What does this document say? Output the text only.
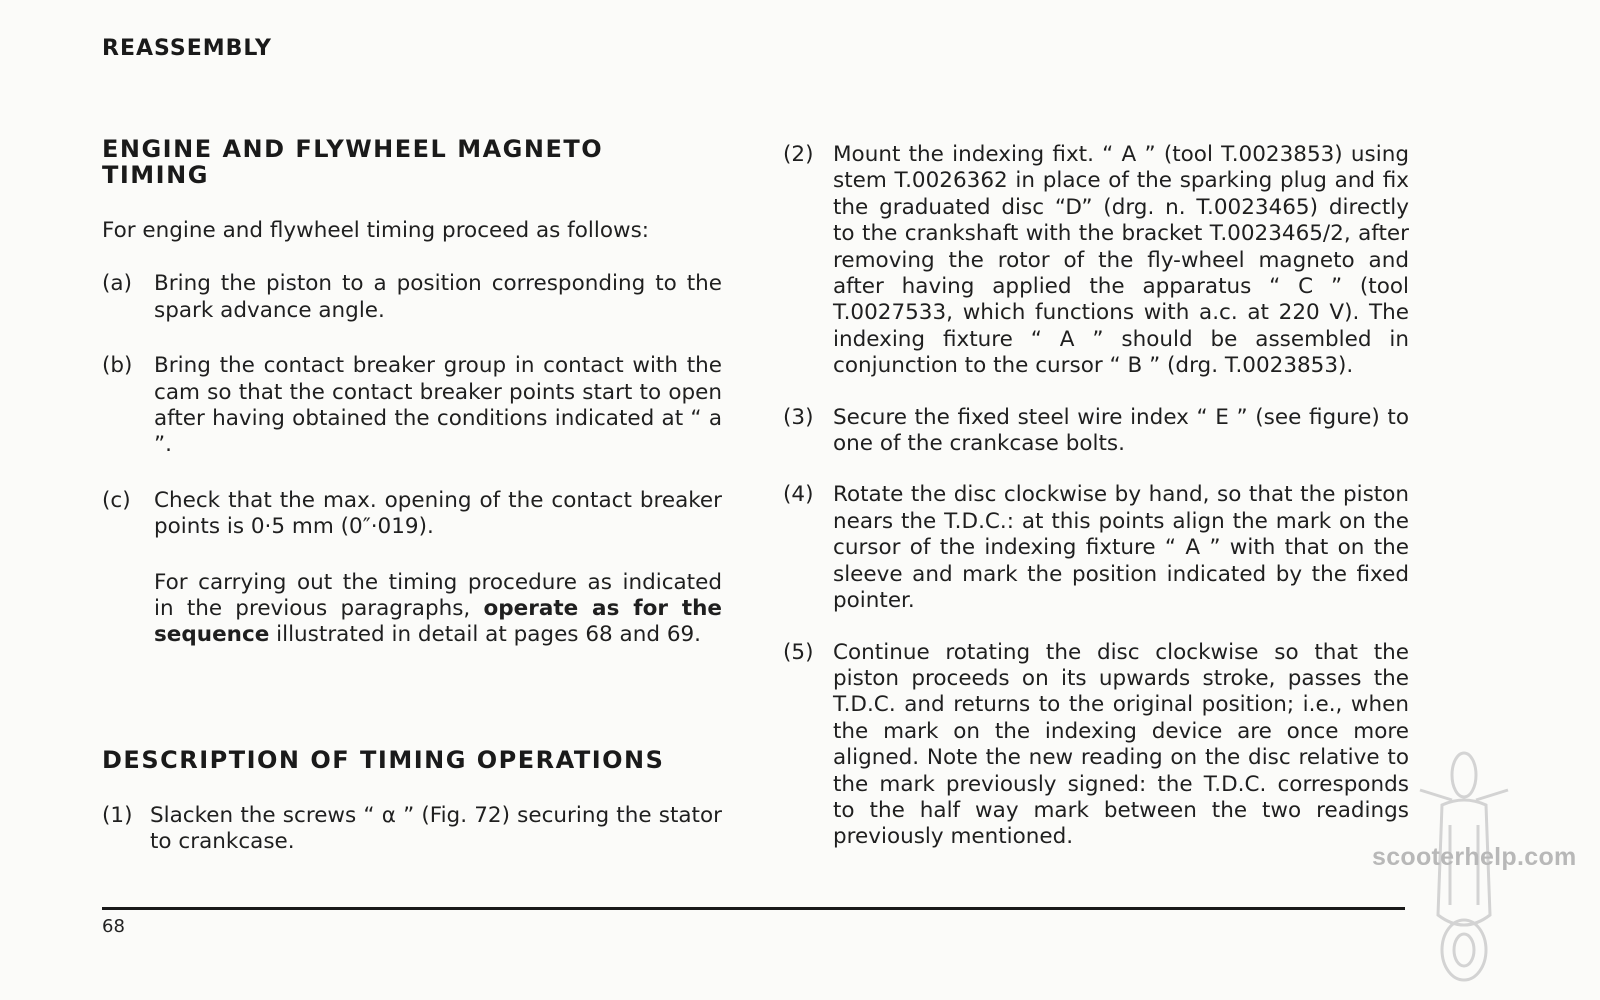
REASSEMBLY
ENGINE AND FLYWHEEL MAGNETO
TIMING

For engine and flywheel timing proceed as follows:

(a)	Bring the piston to a position corresponding to the spark advance angle.
(b)	Bring the contact breaker group in contact with the cam so that the contact breaker points start to open after having obtained the conditions indicated at “ a ”.
(c)	Check that the max. opening of the contact breaker points is 0·5 mm (0″·019).

For carrying out the timing procedure as indicated in the previous paragraphs, operate as for the sequence illustrated in detail at pages 68 and 69.

DESCRIPTION OF TIMING OPERATIONS
(1) Slacken the screws “ α ” (Fig. 72) securing the stator to crankcase.
(2) Mount the indexing fixt. “ A ” (tool T.0023853) using stem T.0026362 in place of the sparking plug and fix the graduated disc “D” (drg. n. T.0023465) directly to the crankshaft with the bracket T.0023465/2, after removing the rotor of the fly-wheel magneto and after having applied the apparatus “ C ” (tool T.0027533, which functions with a.c. at 220 V). The indexing fixture “ A ” should be assembled in conjunction to the cursor “ B ” (drg. T.0023853).
(3) Secure the fixed steel wire index “ E ” (see figure) to one of the crankcase bolts.
(4) Rotate the disc clockwise by hand, so that the piston nears the T.D.C.: at this points align the mark on the cursor of the indexing fixture “ A ” with that on the sleeve and mark the position indicated by the fixed pointer.
(5) Continue rotating the disc clockwise so that the piston proceeds on its upwards stroke, passes the T.D.C. and returns to the original position; i.e., when the mark on the indexing device are once more aligned. Note the new reading on the disc relative to the mark previously signed: the T.D.C. corresponds to the half way mark between the two readings previously mentioned.
68
scooterhelp.com
